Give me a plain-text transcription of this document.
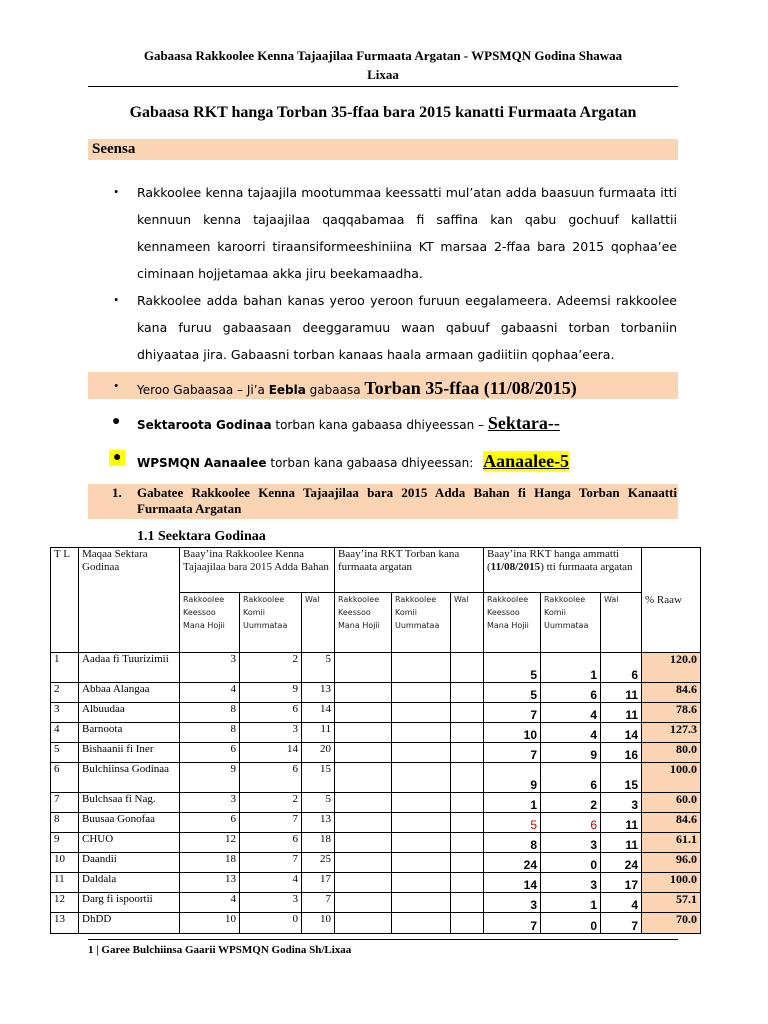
Gabaasa Rakkoolee Kenna Tajaajilaa Furmaata Argatan - WPSMQN Godina Shawaa
Lixaa
Gabaasa RKT hanga Torban 35-ffaa bara 2015 kanatti Furmaata Argatan
Seensa
• Rakkoolee kenna tajaajila mootummaa keessatti mul’atan adda baasuun furmaata itti kennuun kenna tajaajilaa qaqqabamaa fi saffina kan qabu gochuuf kallattii kennameen karoorri tiraansiformeeshiniina KT marsaa 2-ffaa bara 2015 qophaa’ee ciminaan hojjetamaa akka jiru beekamaadha.
• Rakkoolee adda bahan kanas yeroo yeroon furuun eegalameera. Adeemsi rakkoolee kana furuu gabaasaan deeggaramuu waan qabuuf gabaasni torban torbaniin dhiyaataa jira. Gabaasni torban kanaas haala armaan gadiitiin qophaa’eera.
• Yeroo Gabaasaa – Ji’a Eebla gabaasa Torban 35-ffaa (11/08/2015)
● Sektaroota Godinaa torban kana gabaasa dhiyeessan – Sektara--
●	WPSMQN Aanaalee torban kana gabaasa dhiyeessan: Aanaalee-5
1. Gabatee Rakkoolee Kenna Tajaajilaa bara 2015 Adda Bahan fi Hanga Torban Kanaatti Furmaata Argatan
1.1 Seektara Godinaa
T L	Maqaa Sektara Godinaa	Baay’ina Rakkoolee Kenna Tajaajilaa bara 2015 Adda Bahan			Baay’ina RKT Torban kana furmaata argatan			Baay’ina RKT hanga ammatti (11/08/2015) tti furmaata argatan			% Raaw
		Rakkoolee Keessoo Mana Hojii	Rakkoolee Komii Uummataa	Wal	Rakkoolee Keessoo Mana Hojii	Rakkoolee Komii Uummataa	Wal	Rakkoolee Keessoo Mana Hojii	Rakkoolee Komii Uummataa	Wal	
1	Aadaa fi Tuurizimii	3	2	5				5	1	6	120.0
2	Abbaa Alangaa	4	9	13				5	6	11	84.6
3	Albuudaa	8	6	14				7	4	11	78.6
4	Barnoota	8	3	11				10	4	14	127.3
5	Bishaanii fi Iner	6	14	20				7	9	16	80.0
6	Bulchiinsa Godinaa	9	6	15				9	6	15	100.0
7	Bulchsaa fi Nag.	3	2	5				1	2	3	60.0
8	Buusaa Gonofaa	6	7	13				5	6	11	84.6
9	CHUO	12	6	18				8	3	11	61.1
10	Daandii	18	7	25				24	0	24	96.0
11	Daldala	13	4	17				14	3	17	100.0
12	Darg fi ispoortii	4	3	7				3	1	4	57.1
13	DhDD	10	0	10				7	0	7	70.0
1 | Garee Bulchiinsa Gaarii WPSMQN Godina Sh/Lixaa
